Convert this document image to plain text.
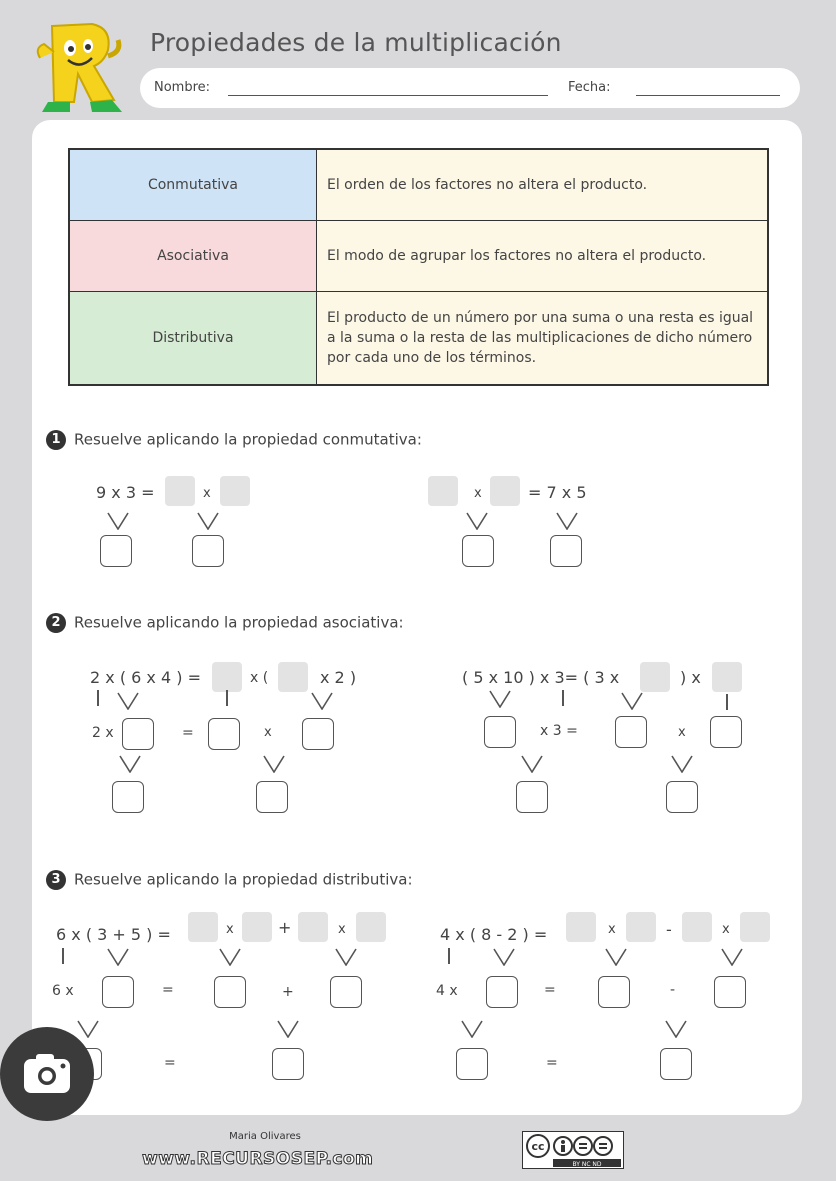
Propiedades de la multiplicación
Nombre:	Fecha:
Conmutativa	El orden de los factores no altera el producto.
Asociativa	El modo de agrupar los factores no altera el producto.
Distributiva	El producto de un número por una suma o una resta es igual a la suma o la resta de las multiplicaciones de dicho número por cada uno de los términos.
1 Resuelve aplicando la propiedad conmutativa:
9 x 3 =	x	x	= 7 x 5
2 Resuelve aplicando la propiedad asociativa:
2 x ( 6 x 4 ) =	x (	x 2 )
2 x	=	x
( 5 x 10 ) x 3= ( 3 x	) x
x 3 =	x
3 Resuelve aplicando la propiedad distributiva:
6 x ( 3 + 5 ) =	x	+	x
6 x	=	+
=
4 x ( 8 - 2 ) =	x	-	x
4 x	=	-
=
Maria Olivares
www.RECURSOSEP.com
cc
BY NC ND
